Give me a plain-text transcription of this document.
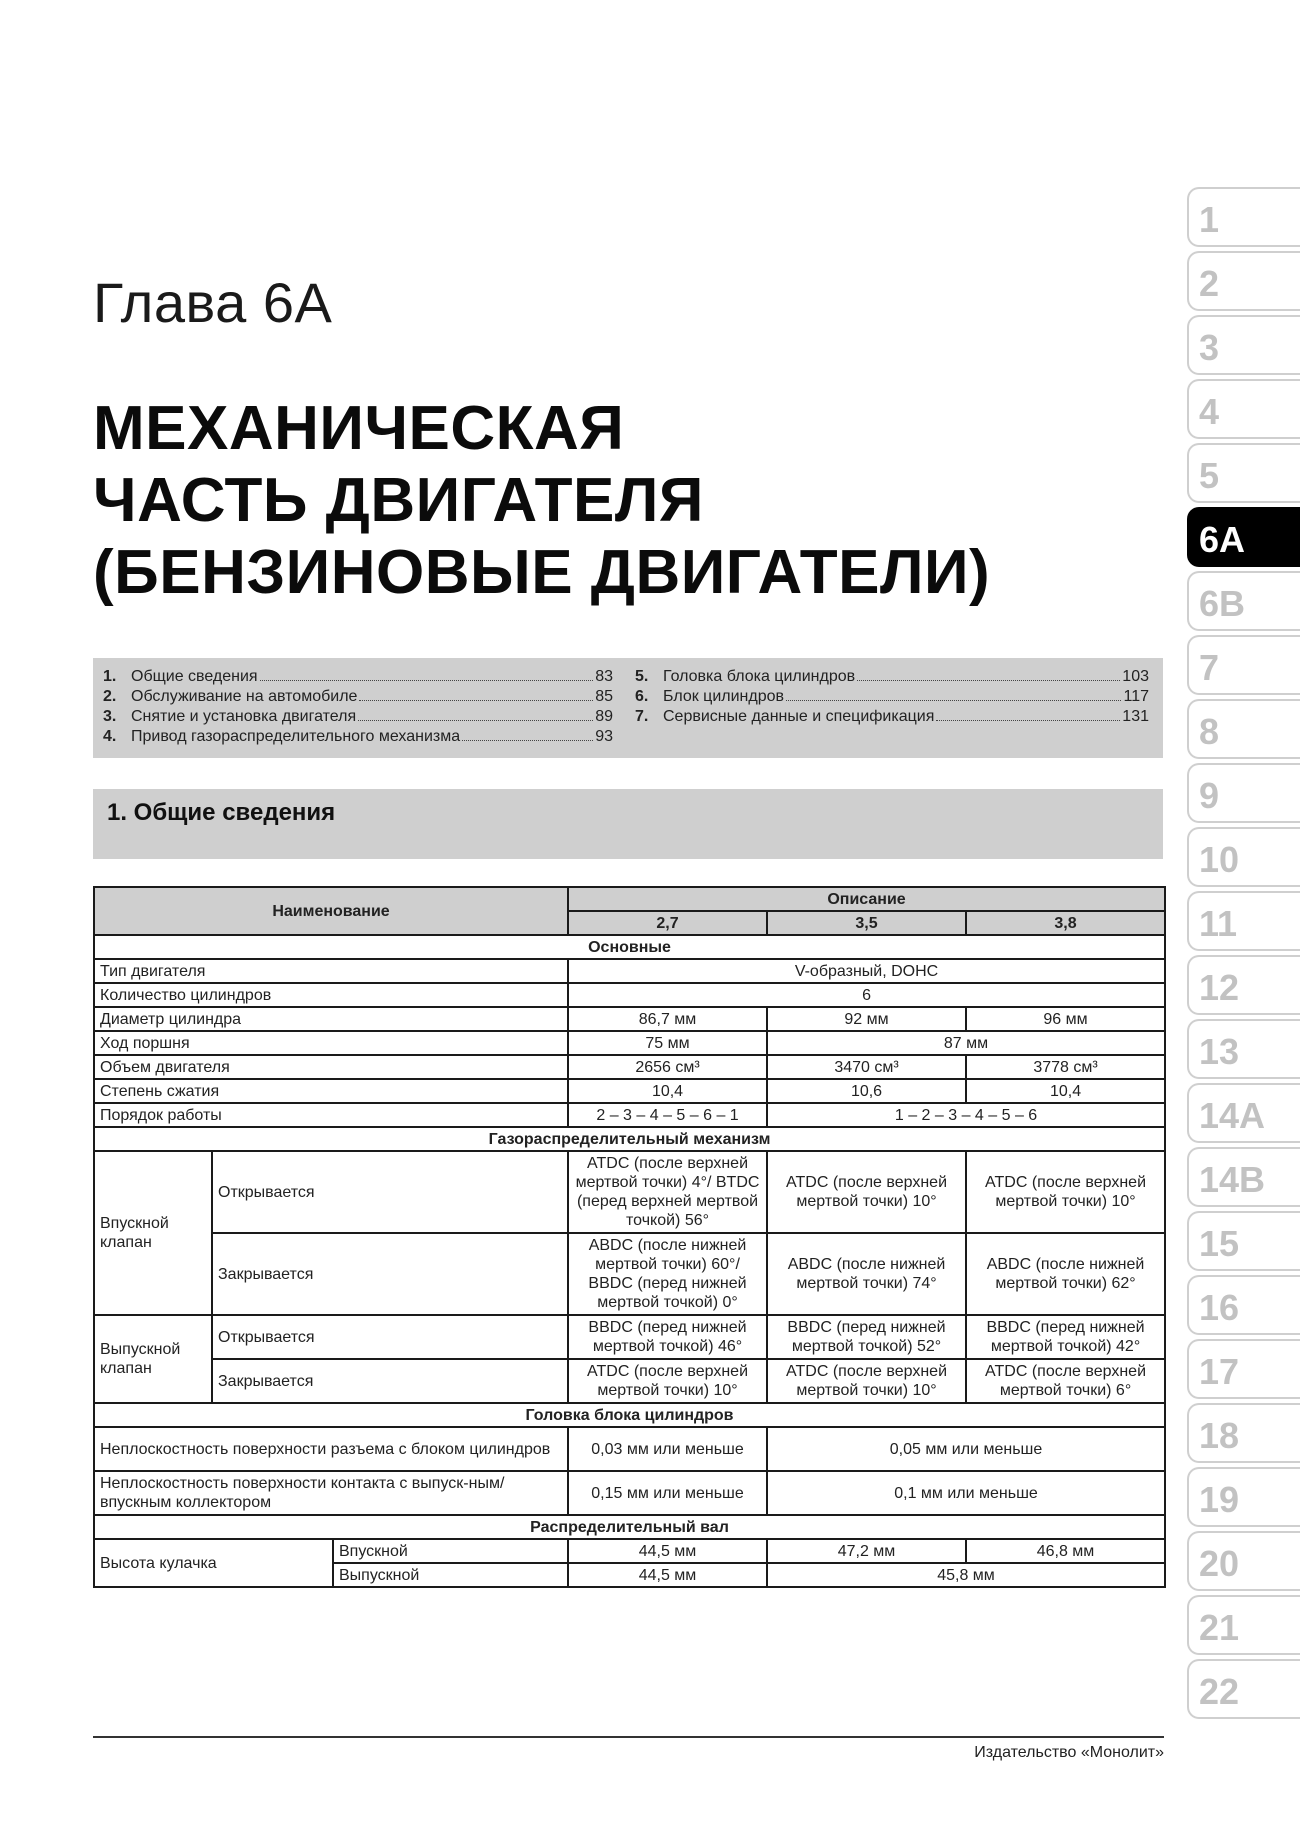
Глава 6А
МЕХАНИЧЕСКАЯ
ЧАСТЬ ДВИГАТЕЛЯ
(БЕНЗИНОВЫЕ ДВИГАТЕЛИ)
1. Общие сведения	83
2. Обслуживание на автомобиле	85
3. Снятие и установка двигателя	89
4. Привод газораспределительного механизма	93
5. Головка блока цилиндров	103
6. Блок цилиндров	117
7. Сервисные данные и спецификация	131
1. Общие сведения
Наименование			Описание		
			2,7	3,5	3,8
Основные					
Тип двигателя			V-образный, DOHC		
Количество цилиндров			6		
Диаметр цилиндра			86,7 мм	92 мм	96 мм
Ход поршня			75 мм	87 мм	
Объем двигателя			2656 см³	3470 см³	3778 см³
Степень сжатия			10,4	10,6	10,4
Порядок работы			2 – 3 – 4 – 5 – 6 – 1	1 – 2 – 3 – 4 – 5 – 6	
Газораспределительный механизм					
Впускной клапан	Открывается		ATDC (после верхней мертвой точки) 4°/ BTDC (перед верхней мертвой точкой) 56°	ATDC (после верхней мертвой точки) 10°	ATDC (после верхней мертвой точки) 10°
	Закрывается		ABDC (после нижней мертвой точки) 60°/ BBDC (перед нижней мертвой точкой) 0°	ABDC (после нижней мертвой точки) 74°	ABDC (после нижней мертвой точки) 62°
Выпускной клапан	Открывается		BBDC (перед нижней мертвой точкой) 46°	BBDC (перед нижней мертвой точкой) 52°	BBDC (перед нижней мертвой точкой) 42°
	Закрывается		ATDC (после верхней мертвой точки) 10°	ATDC (после верхней мертвой точки) 10°	ATDC (после верхней мертвой точки) 6°
Головка блока цилиндров					
Неплоскостность поверхности разъема с блоком цилиндров			0,03 мм или меньше	0,05 мм или меньше	
Неплоскостность поверхности контакта с выпуск-ным/впускным коллектором			0,15 мм или меньше	0,1 мм или меньше	
Распределительный вал					
Высота кулачка		Впускной	44,5 мм	47,2 мм	46,8 мм
		Выпускной	44,5 мм	45,8 мм	
1
2
3
4
5
6А
6B
7
8
9
10
11
12
13
14А
14B
15
16
17
18
19
20
21
22
Издательство «Монолит»
